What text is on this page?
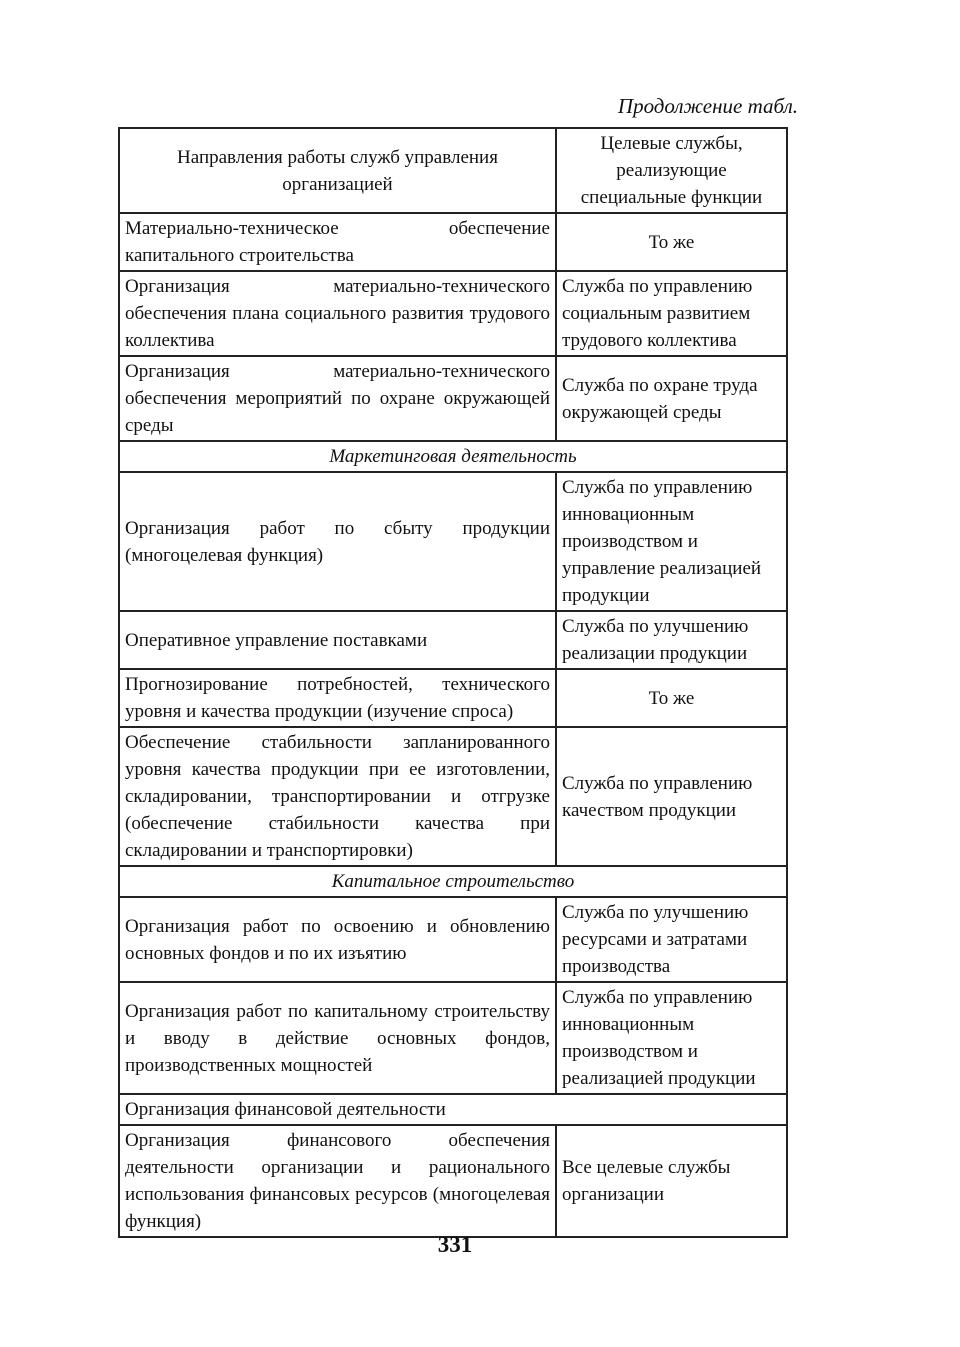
Продолжение табл.
Направления работы служб управления организацией	Целевые службы, реализующие специальные функции
Материально-техническое обеспечение капитального строительства	То же
Организация материально-технического обеспечения плана социального развития трудового коллектива	Служба по управлению социальным развитием трудового коллектива
Организация материально-технического обеспечения мероприятий по охране окружающей среды	Служба по охране труда окружающей среды
Маркетинговая деятельность	
Организация работ по сбыту продукции (многоцелевая функция)	Служба по управлению инновационным производством и управление реализацией продукции
Оперативное управление поставками	Служба по улучшению реализации продукции
Прогнозирование потребностей, технического уровня и качества продукции (изучение спроса)	То же
Обеспечение стабильности запланированного уровня качества продукции при ее изготовлении, складировании, транспортировании и отгрузке (обеспечение стабильности качества при складировании и транспортировки)	Служба по управлению качеством продукции
Капитальное строительство	
Организация работ по освоению и обновлению основных фондов и по их изъятию	Служба по улучшению ресурсами и затратами производства
Организация работ по капитальному строительству и вводу в действие основных фондов, производственных мощностей	Служба по управлению инновационным производством и реализацией продукции
Организация финансовой деятельности	
Организация финансового обеспечения деятельности организации и рационального использования финансовых ресурсов (многоцелевая функция)	Все целевые службы организации
331
